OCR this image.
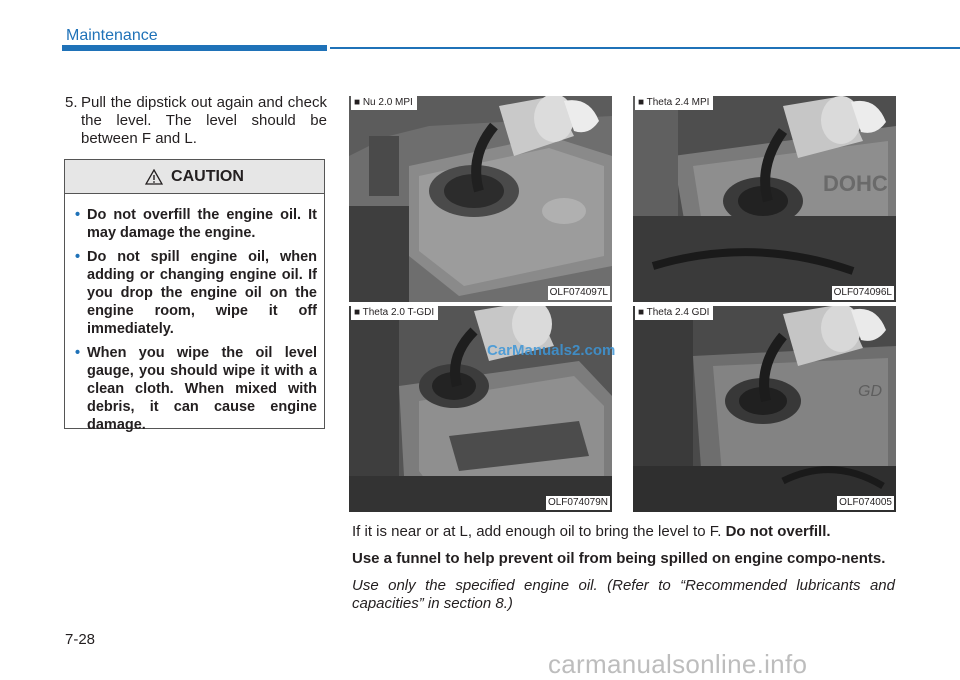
Maintenance
5. Pull the dipstick out again and check the level. The level should be between F and L.
CAUTION
• Do not overfill the engine oil. It may damage the engine.
• Do not spill engine oil, when adding or changing engine oil. If you drop the engine oil on the engine room, wipe it off immediately.
• When you wipe the oil level gauge, you should wipe it with a clean cloth. When mixed with debris, it can cause engine damage.
■ Nu 2.0 MPI
OLF074097L
DOHC
■ Theta 2.4 MPI
OLF074096L
■ Theta 2.0 T-GDI
OLF074079N
GD
■ Theta 2.4 GDI
OLF074005
CarManuals2.com

If it is near or at L, add enough oil to bring the level to F. Do not overfill.

Use a funnel to help prevent oil from being spilled on engine compo-nents.

Use only the specified engine oil. (Refer to “Recommended lubricants and capacities” in section 8.)

7-28
carmanualsonline.info
